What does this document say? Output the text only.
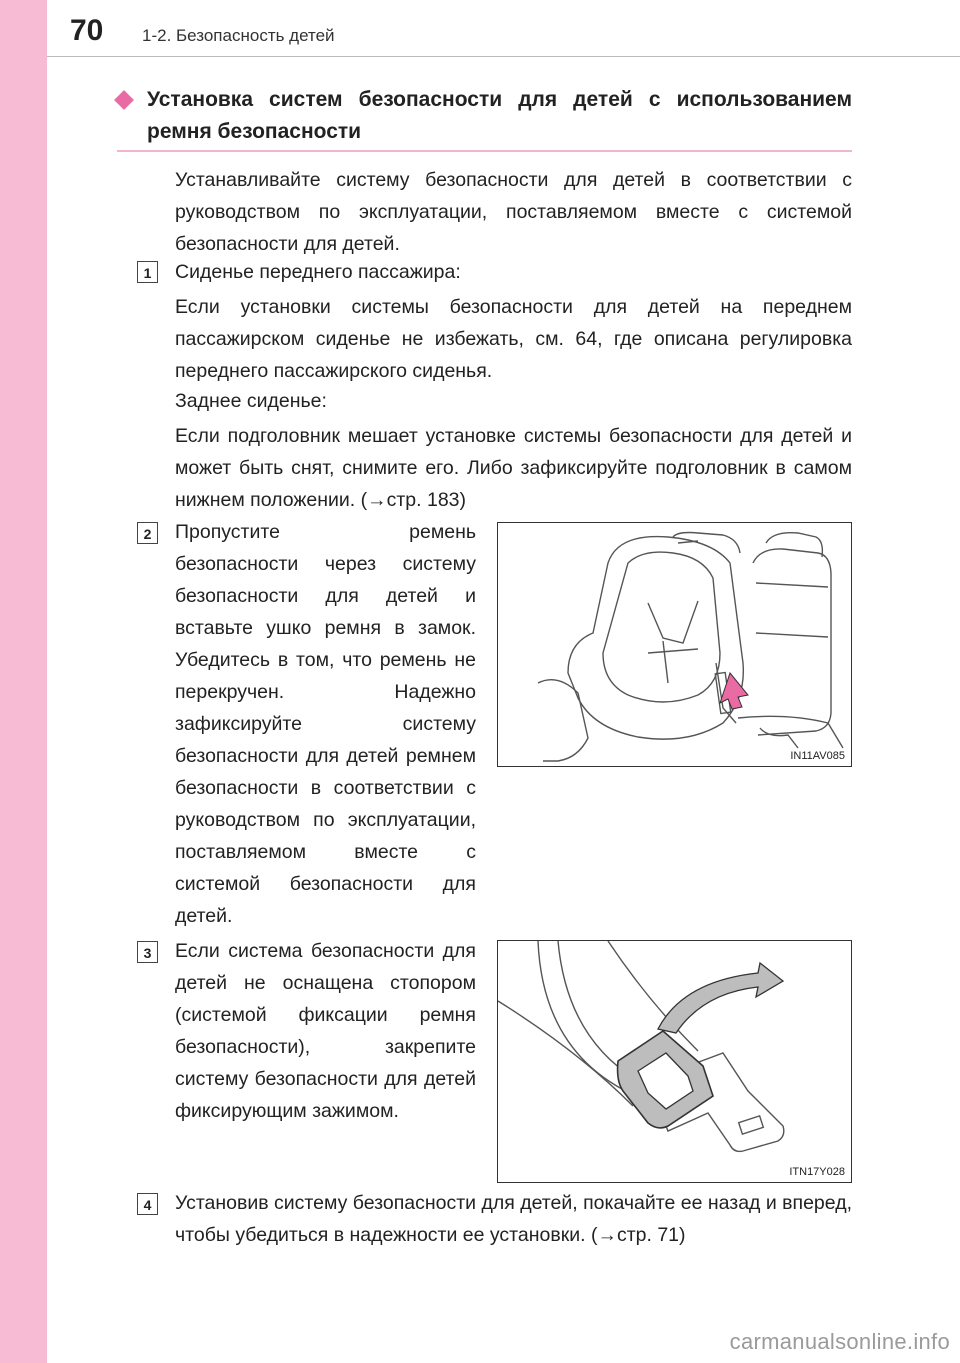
70 1-2. Безопасность детей
Установка систем безопасности для детей с использованием ремня безопасности
Устанавливайте систему безопасности для детей в соответствии с руководством по эксплуатации, поставляемом вместе с системой безопасности для детей.
1	Сиденье переднего пассажира:
Если установки системы безопасности для детей на переднем пассажирском сиденье не избежать, см. 64, где описана регулировка переднего пассажирского сиденья.
Заднее сиденье:
Если подголовник мешает установке системы безопасности для детей и может быть снят, снимите его. Либо зафиксируйте подголовник в самом нижнем положении. (→стр. 183)
2	Пропустите ремень безопасности через систему безопасности для детей и вставьте ушко ремня в замок. Убедитесь в том, что ремень не перекручен. Надежно зафиксируйте систему безопасности для детей ремнем безопасности в соответствии с руководством по эксплуатации, поставляемом вместе с системой безопасности для детей.
IN11AV085
3	Если система безопасности для детей не оснащена стопором (системой фиксации ремня безопасности), закрепите систему безопасности для детей фиксирующим зажимом.
ITN17Y028
4	Установив систему безопасности для детей, покачайте ее назад и вперед, чтобы убедиться в надежности ее установки. (→стр. 71)
carmanualsonline.info
